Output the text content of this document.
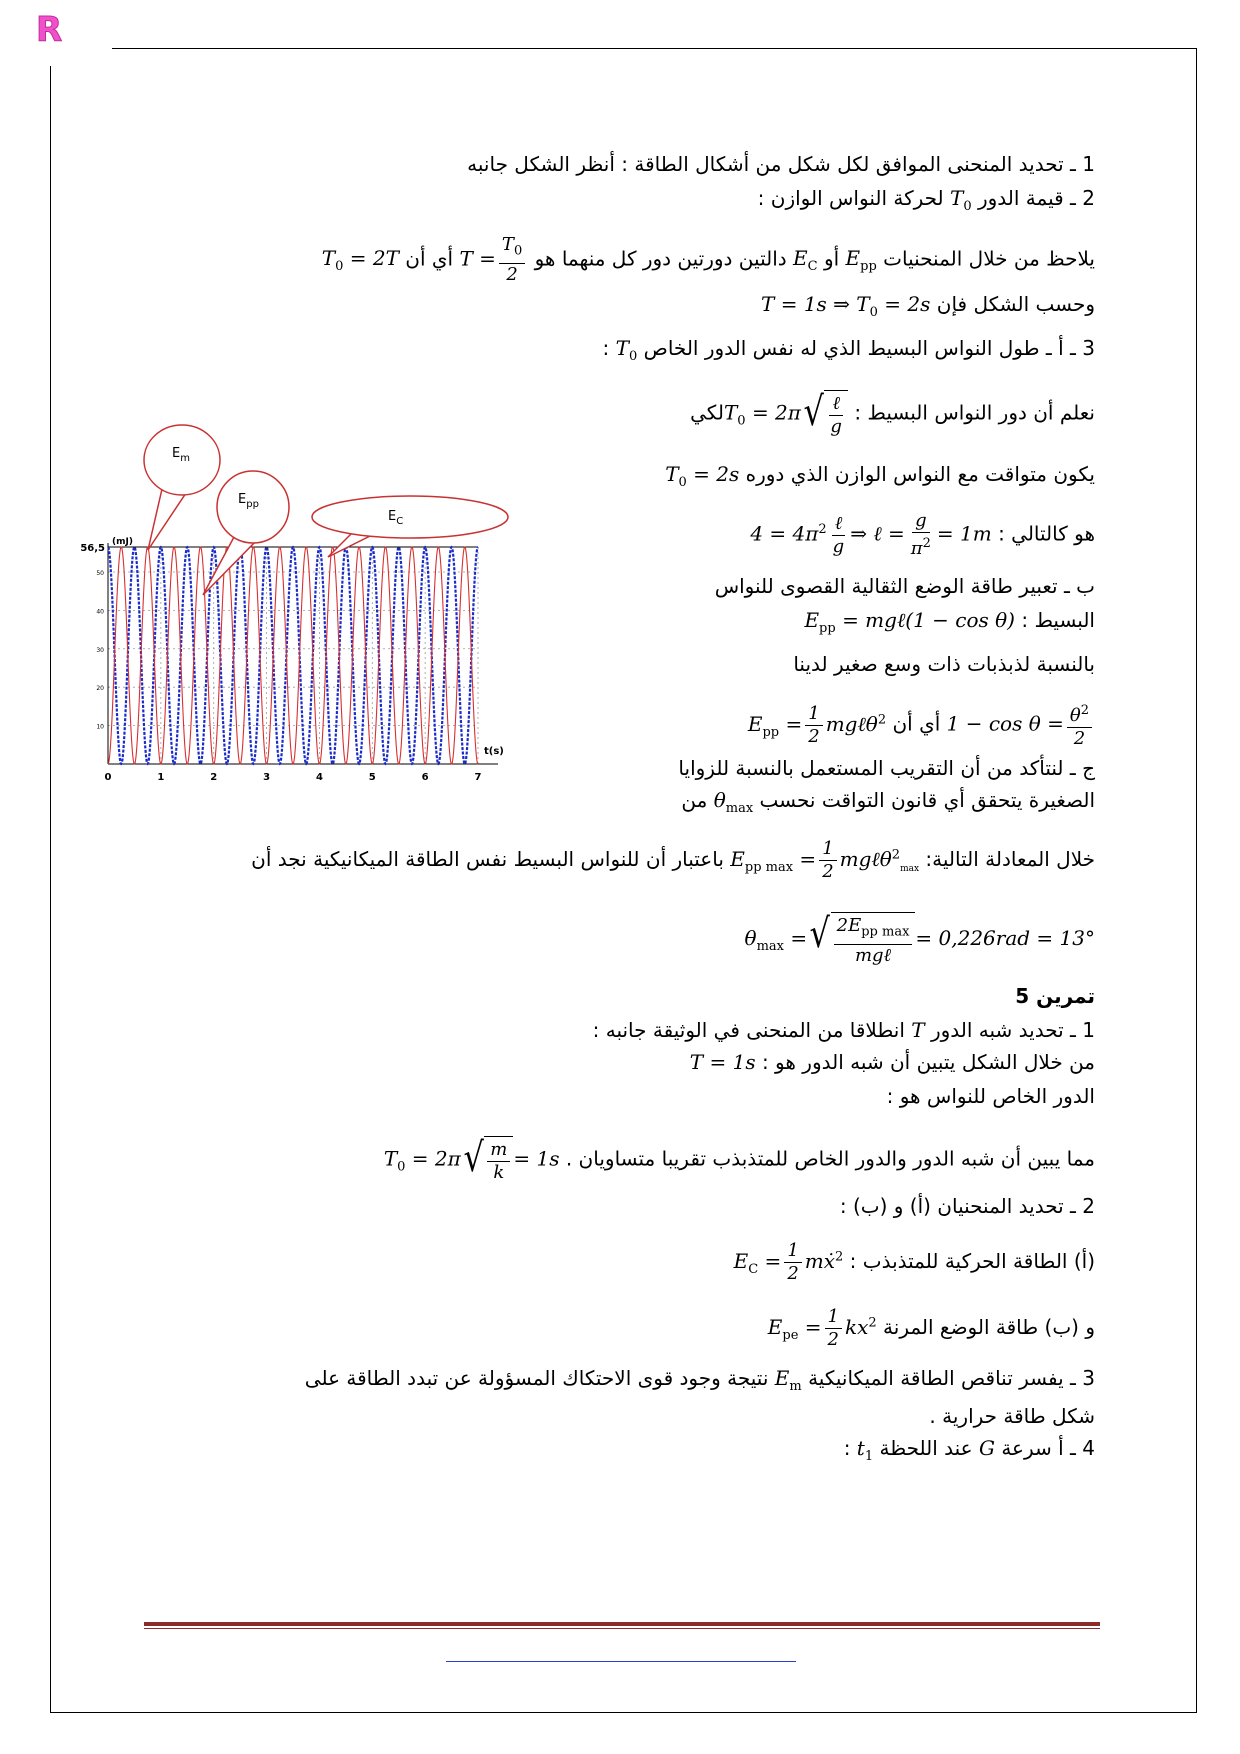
R
1 ـ تحديد المنحنى الموافق لكل شكل من أشكال الطاقة : أنظر الشكل جانبه
2 ـ قيمة الدور $T_0$ لحركة النواس الوازن :
يلاحظ من خلال المنحنيات $E_{pp}$ أو $E_C$ دالتين دورتين دور كل منهما هو $T = \frac{T_0}{2}$
أي أن $T_0 = 2T$
وحسب الشكل فإن T = 1s ⇒ $T_0 = 2s$
3 ـ أ ـ طول النواس البسيط الذي له نفس الدور الخاص $T_0$ :
نعلم أن دور النواس البسيط : $T_0 = 2\pi$ √ $\frac{\text{ℓ}}{g}$
لكي
يكون متواقت مع النواس الوازن الذي دوره $T_0 = 2s$
هو كالتالي : $4 = 4\pi^2 \frac{\text{ℓ}}{g}$ ⇒ ℓ = $\frac{g}{\pi^2} = 1m$
ب ـ تعبير طاقة الوضع الثقالية القصوى للنواس
البسيط : $E_{pp}$ = mgℓ(1 − cos θ)
بالنسبة لذبذبات ذات وسع صغير لدينا
$1 - \cos \theta = \frac{\theta^2}{2}$
أي أن $E_{pp} = \frac{1}{2}$ mgℓθ$^2$
ج ـ لنتأكد من أن التقريب المستعمل بالنسبة للزوايا
الصغيرة يتحقق أي قانون التواقت نحسب $\theta_{max}$ من
خلال المعادلة التالية: $E_{pp max} = \frac{1}{2}$ mgℓθ$^2_{max}$ باعتبار أن للنواس البسيط نفس الطاقة الميكانيكية نجد أن
$\theta_{max}$ = √ $\frac{2E_{pp max}}{\text{mgℓ}} = 0,226rad = 13^\circ$
تمرين 5
1 ـ تحديد شبه الدور T انطلاقا من المنحنى في الوثيقة جانبه :
من خلال الشكل يتبين أن شبه الدور هو : T = 1s
الدور الخاص للنواس هو :
مما يبين أن شبه الدور والدور الخاص للمتذبذب تقريبا متساويان . $T_0 = 2\pi$ √ $\frac{m}{k} = 1s$
2 ـ تحديد المنحنيان (أ) و (ب) :
(أ) الطاقة الحركية للمتذبذب : $E_C = \frac{1}{2}$ mẋ$^2$
و (ب) طاقة الوضع المرنة $E_{pe} = \frac{1}{2} kx^2$
3 ـ يفسر تناقص الطاقة الميكانيكية $E_m$ نتيجة وجود قوى الاحتكاك المسؤولة عن تبدد الطاقة على
شكل طاقة حرارية .
4 ـ أ سرعة G عند اللحظة $t_1$ :
0	1	2	3	4	5	6	7
10
20
30
40
50
56,5
(mJ)
t(s)
$E_m$
$E_{pp}$
$E_C$
